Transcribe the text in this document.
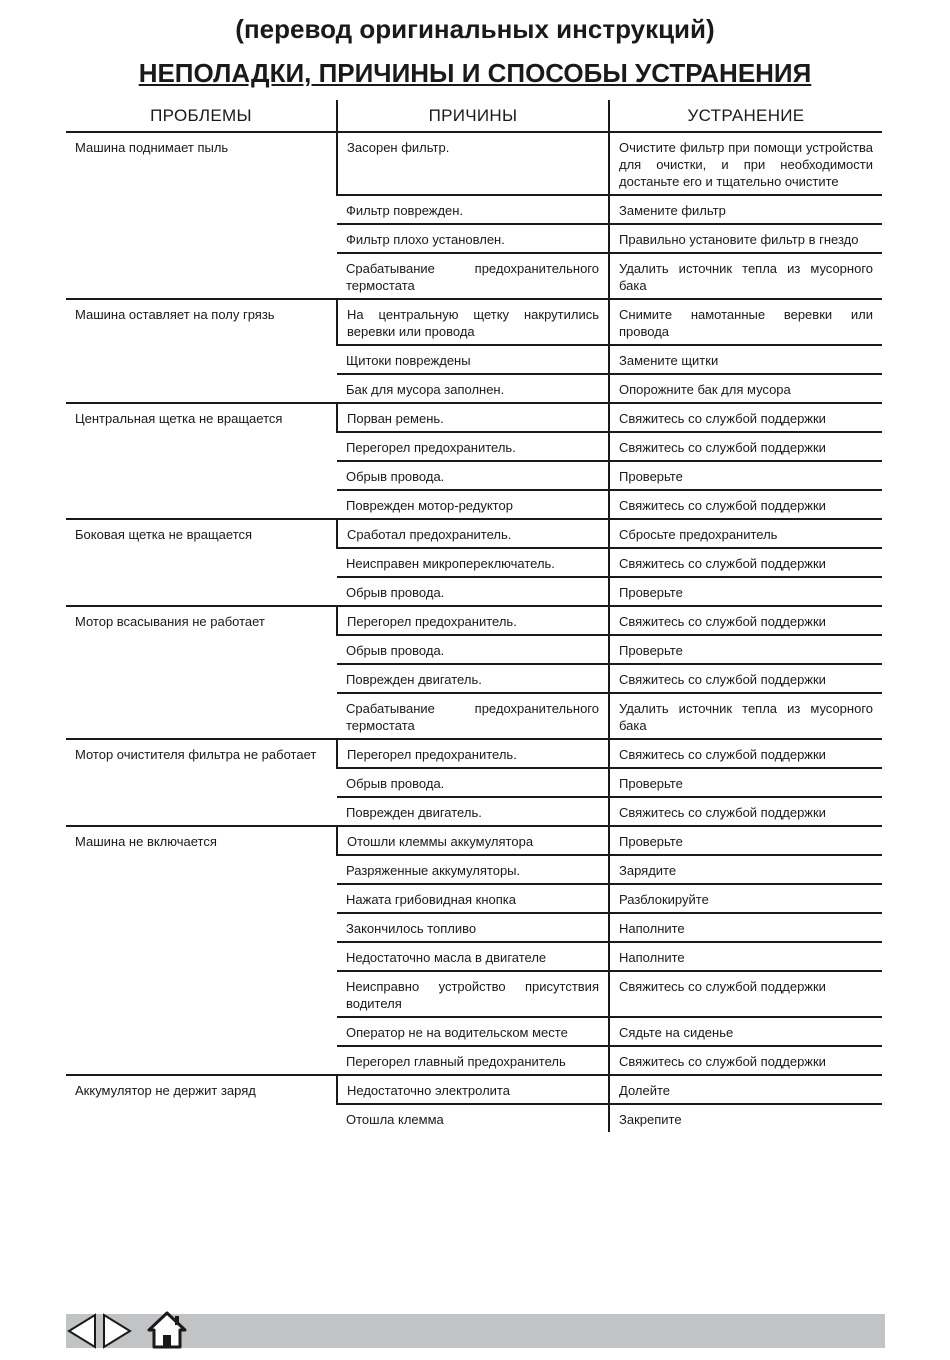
(перевод оригинальных инструкций)
НЕПОЛАДКИ, ПРИЧИНЫ И СПОСОБЫ УСТРАНЕНИЯ
ПРОБЛЕМЫ	ПРИЧИНЫ	УСТРАНЕНИЕ
Машина поднимает пыль	Засорен фильтр.	Очистите фильтр при помощи устройства для очистки, и при необходимости достаньте его и тщательно очистите
	Фильтр поврежден.	Замените фильтр
	Фильтр плохо установлен.	Правильно установите фильтр в гнездо
	Срабатывание предохранительного термостата	Удалить источник тепла из мусорного бака
Машина оставляет на полу грязь	На центральную щетку накрутились веревки или провода	Снимите намотанные веревки или провода
	Щитоки повреждены	Замените щитки
	Бак для мусора заполнен.	Опорожните бак для мусора
Центральная щетка не вращается	Порван ремень.	Свяжитесь со службой поддержки
	Перегорел предохранитель.	Свяжитесь со службой поддержки
	Обрыв провода.	Проверьте
	Поврежден мотор-редуктор	Свяжитесь со службой поддержки
Боковая щетка не вращается	Сработал предохранитель.	Сбросьте предохранитель
	Неисправен микропереключатель.	Свяжитесь со службой поддержки
	Обрыв провода.	Проверьте
Мотор всасывания не работает	Перегорел предохранитель.	Свяжитесь со службой поддержки
	Обрыв провода.	Проверьте
	Поврежден двигатель.	Свяжитесь со службой поддержки
	Срабатывание предохранительного термостата	Удалить источник тепла из мусорного бака
Мотор очистителя фильтра не работает	Перегорел предохранитель.	Свяжитесь со службой поддержки
	Обрыв провода.	Проверьте
	Поврежден двигатель.	Свяжитесь со службой поддержки
Машина не включается	Отошли клеммы аккумулятора	Проверьте
	Разряженные аккумуляторы.	Зарядите
	Нажата грибовидная кнопка	Разблокируйте
	Закончилось топливо	Наполните
	Недостаточно масла в двигателе	Наполните
	Неисправно устройство присутствия водителя	Свяжитесь со службой поддержки
	Оператор не на водительском месте	Сядьте на сиденье
	Перегорел главный предохранитель	Свяжитесь со службой поддержки
Аккумулятор не держит заряд	Недостаточно электролита	Долейте
	Отошла клемма	Закрепите
